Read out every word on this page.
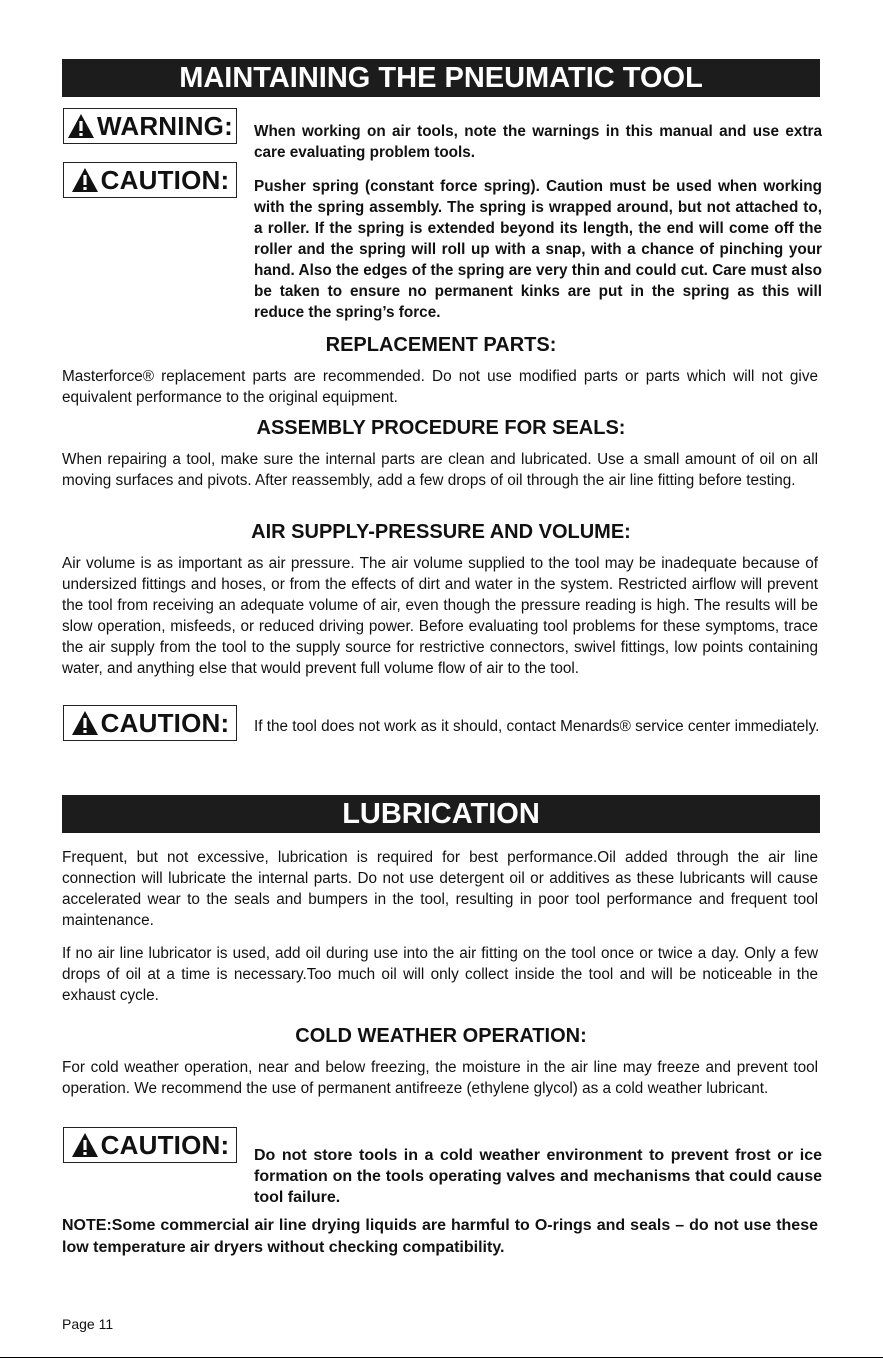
MAINTAINING THE PNEUMATIC TOOL
WARNING: When working on air tools, note the warnings in this manual and use extra care evaluating problem tools.
CAUTION: Pusher spring (constant force spring). Caution must be used when working with the spring assembly. The spring is wrapped around, but not attached to, a roller. If the spring is extended beyond its length, the end will come off the roller and the spring will roll up with a snap, with a chance of pinching your hand. Also the edges of the spring are very thin and could cut. Care must also be taken to ensure no permanent kinks are put in the spring as this will reduce the spring’s force.
REPLACEMENT PARTS:
Masterforce® replacement parts are recommended. Do not use modified parts or parts which will not give equivalent performance to the original equipment.
ASSEMBLY PROCEDURE FOR SEALS:
When repairing a tool, make sure the internal parts are clean and lubricated. Use a small amount of oil on all moving surfaces and pivots. After reassembly, add a few drops of oil through the air line fitting before testing.
AIR SUPPLY-PRESSURE AND VOLUME:
Air volume is as important as air pressure. The air volume supplied to the tool may be inadequate because of undersized fittings and hoses, or from the effects of dirt and water in the system. Restricted airflow will prevent the tool from receiving an adequate volume of air, even though the pressure reading is high. The results will be slow operation, misfeeds, or reduced driving power. Before evaluating tool problems for these symptoms, trace the air supply from the tool to the supply source for restrictive connectors, swivel fittings, low points containing water, and anything else that would prevent full volume flow of air to the tool.
CAUTION: If the tool does not work as it should, contact Menards® service center immediately.
LUBRICATION
Frequent, but not excessive, lubrication is required for best performance.Oil added through the air line connection will lubricate the internal parts. Do not use detergent oil or additives as these lubricants will cause accelerated wear to the seals and bumpers in the tool, resulting in poor tool performance and frequent tool maintenance.
If no air line lubricator is used, add oil during use into the air fitting on the tool once or twice a day. Only a few drops of oil at a time is necessary.Too much oil will only collect inside the tool and will be noticeable in the exhaust cycle.
COLD WEATHER OPERATION:
For cold weather operation, near and below freezing, the moisture in the air line may freeze and prevent tool operation. We recommend the use of permanent antifreeze (ethylene glycol) as a cold weather lubricant.
CAUTION: Do not store tools in a cold weather environment to prevent frost or ice formation on the tools operating valves and mechanisms that could cause tool failure.
NOTE:Some commercial air line drying liquids are harmful to O-rings and seals – do not use these low temperature air dryers without checking compatibility.
Page 11
